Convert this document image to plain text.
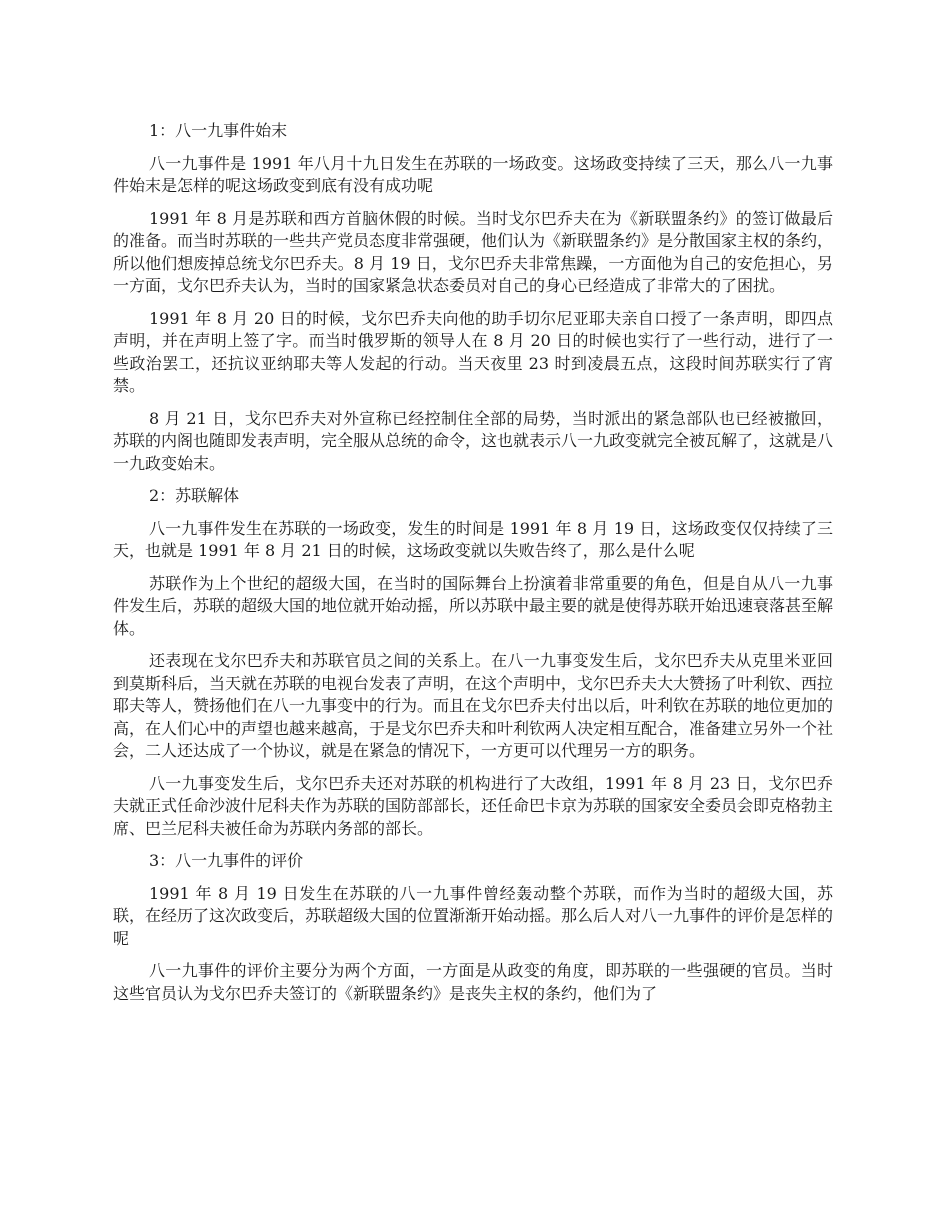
1：八一九事件始末

八一九事件是 1991 年八月十九日发生在苏联的一场政变。这场政变持续了三天，那么八一九事件始末是怎样的呢这场政变到底有没有成功呢

1991 年 8 月是苏联和西方首脑休假的时候。当时戈尔巴乔夫在为《新联盟条约》的签订做最后的准备。而当时苏联的一些共产党员态度非常强硬，他们认为《新联盟条约》是分散国家主权的条约，所以他们想废掉总统戈尔巴乔夫。8 月 19 日，戈尔巴乔夫非常焦躁，一方面他为自己的安危担心，另一方面，戈尔巴乔夫认为，当时的国家紧急状态委员对自己的身心已经造成了非常大的了困扰。

1991 年 8 月 20 日的时候，戈尔巴乔夫向他的助手切尔尼亚耶夫亲自口授了一条声明，即四点声明，并在声明上签了字。而当时俄罗斯的领导人在 8 月 20 日的时候也实行了一些行动，进行了一些政治罢工，还抗议亚纳耶夫等人发起的行动。当天夜里 23 时到凌晨五点，这段时间苏联实行了宵禁。

8 月 21 日，戈尔巴乔夫对外宣称已经控制住全部的局势，当时派出的紧急部队也已经被撤回，苏联的内阁也随即发表声明，完全服从总统的命令，这也就表示八一九政变就完全被瓦解了，这就是八一九政变始末。

2：苏联解体

八一九事件发生在苏联的一场政变，发生的时间是 1991 年 8 月 19 日，这场政变仅仅持续了三天，也就是 1991 年 8 月 21 日的时候，这场政变就以失败告终了，那么是什么呢

苏联作为上个世纪的超级大国，在当时的国际舞台上扮演着非常重要的角色，但是自从八一九事件发生后，苏联的超级大国的地位就开始动摇，所以苏联中最主要的就是使得苏联开始迅速衰落甚至解体。

还表现在戈尔巴乔夫和苏联官员之间的关系上。在八一九事变发生后，戈尔巴乔夫从克里米亚回到莫斯科后，当天就在苏联的电视台发表了声明，在这个声明中，戈尔巴乔夫大大赞扬了叶利钦、西拉耶夫等人，赞扬他们在八一九事变中的行为。而且在戈尔巴乔夫付出以后，叶利钦在苏联的地位更加的高，在人们心中的声望也越来越高，于是戈尔巴乔夫和叶利钦两人决定相互配合，准备建立另外一个社会，二人还达成了一个协议，就是在紧急的情况下，一方更可以代理另一方的职务。

八一九事变发生后，戈尔巴乔夫还对苏联的机构进行了大改组，1991 年 8 月 23 日，戈尔巴乔夫就正式任命沙波什尼科夫作为苏联的国防部部长，还任命巴卡京为苏联的国家安全委员会即克格勃主席、巴兰尼科夫被任命为苏联内务部的部长。

3：八一九事件的评价

1991 年 8 月 19 日发生在苏联的八一九事件曾经轰动整个苏联，而作为当时的超级大国，苏联，在经历了这次政变后，苏联超级大国的位置渐渐开始动摇。那么后人对八一九事件的评价是怎样的呢

八一九事件的评价主要分为两个方面，一方面是从政变的角度，即苏联的一些强硬的官员。当时这些官员认为戈尔巴乔夫签订的《新联盟条约》是丧失主权的条约，他们为了
